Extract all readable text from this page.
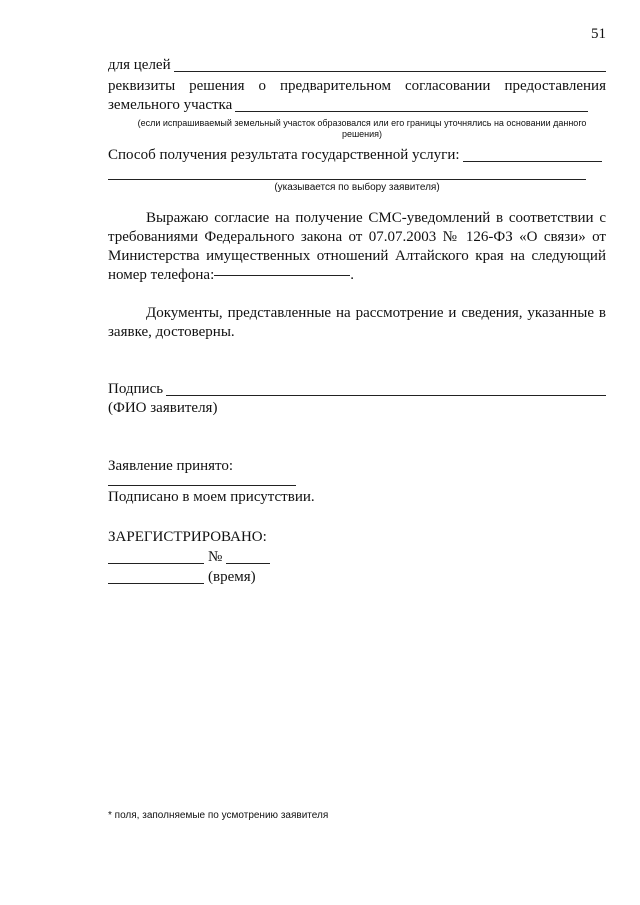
51
для целей
реквизиты решения о предварительном согласовании предоставления
земельного участка
(если испрашиваемый земельный участок образовался или его границы уточнялись на основании данного решения)
Способ получения результата государственной услуги:
(указывается по выбору заявителя)
Выражаю согласие на получение СМС-уведомлений в соответствии с требованиями Федерального закона от 07.07.2003 № 126-ФЗ «О связи» от Министерства имущественных отношений Алтайского края на следующий номер телефона:	.
Документы, представленные на рассмотрение и сведения, указанные в заявке, достоверны.
Подпись
(ФИО заявителя)
Заявление принято:
Подписано в моем присутствии.
ЗАРЕГИСТРИРОВАНО:
№
(время)
* поля, заполняемые по усмотрению заявителя
